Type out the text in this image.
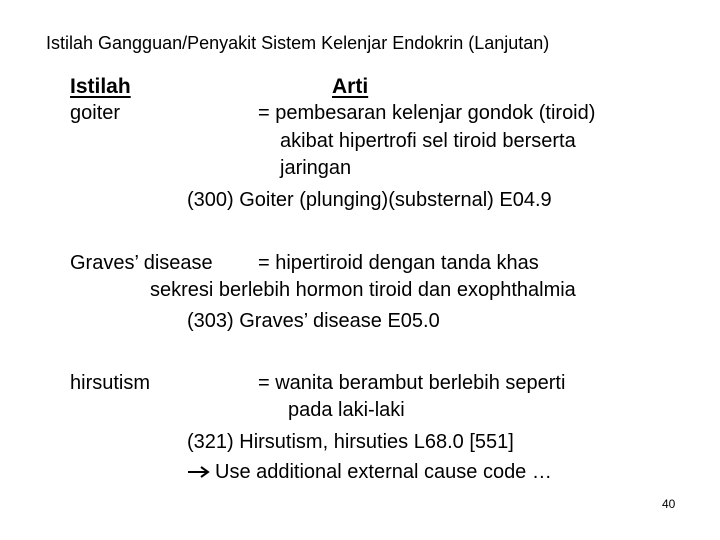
Istilah Gangguan/Penyakit Sistem Kelenjar Endokrin (Lanjutan)
Istilah	Arti
goiter	= pembesaran kelenjar gondok (tiroid)
akibat hipertrofi sel tiroid berserta
jaringan
(300) Goiter (plunging)(substernal) E04.9
Graves’ disease = hipertiroid dengan tanda khas
sekresi berlebih hormon tiroid dan exophthalmia
(303) Graves’ disease E05.0
hirsutism	= wanita berambut berlebih seperti
pada laki-laki
(321) Hirsutism, hirsuties L68.0 [551]
Use additional external cause code …
40
